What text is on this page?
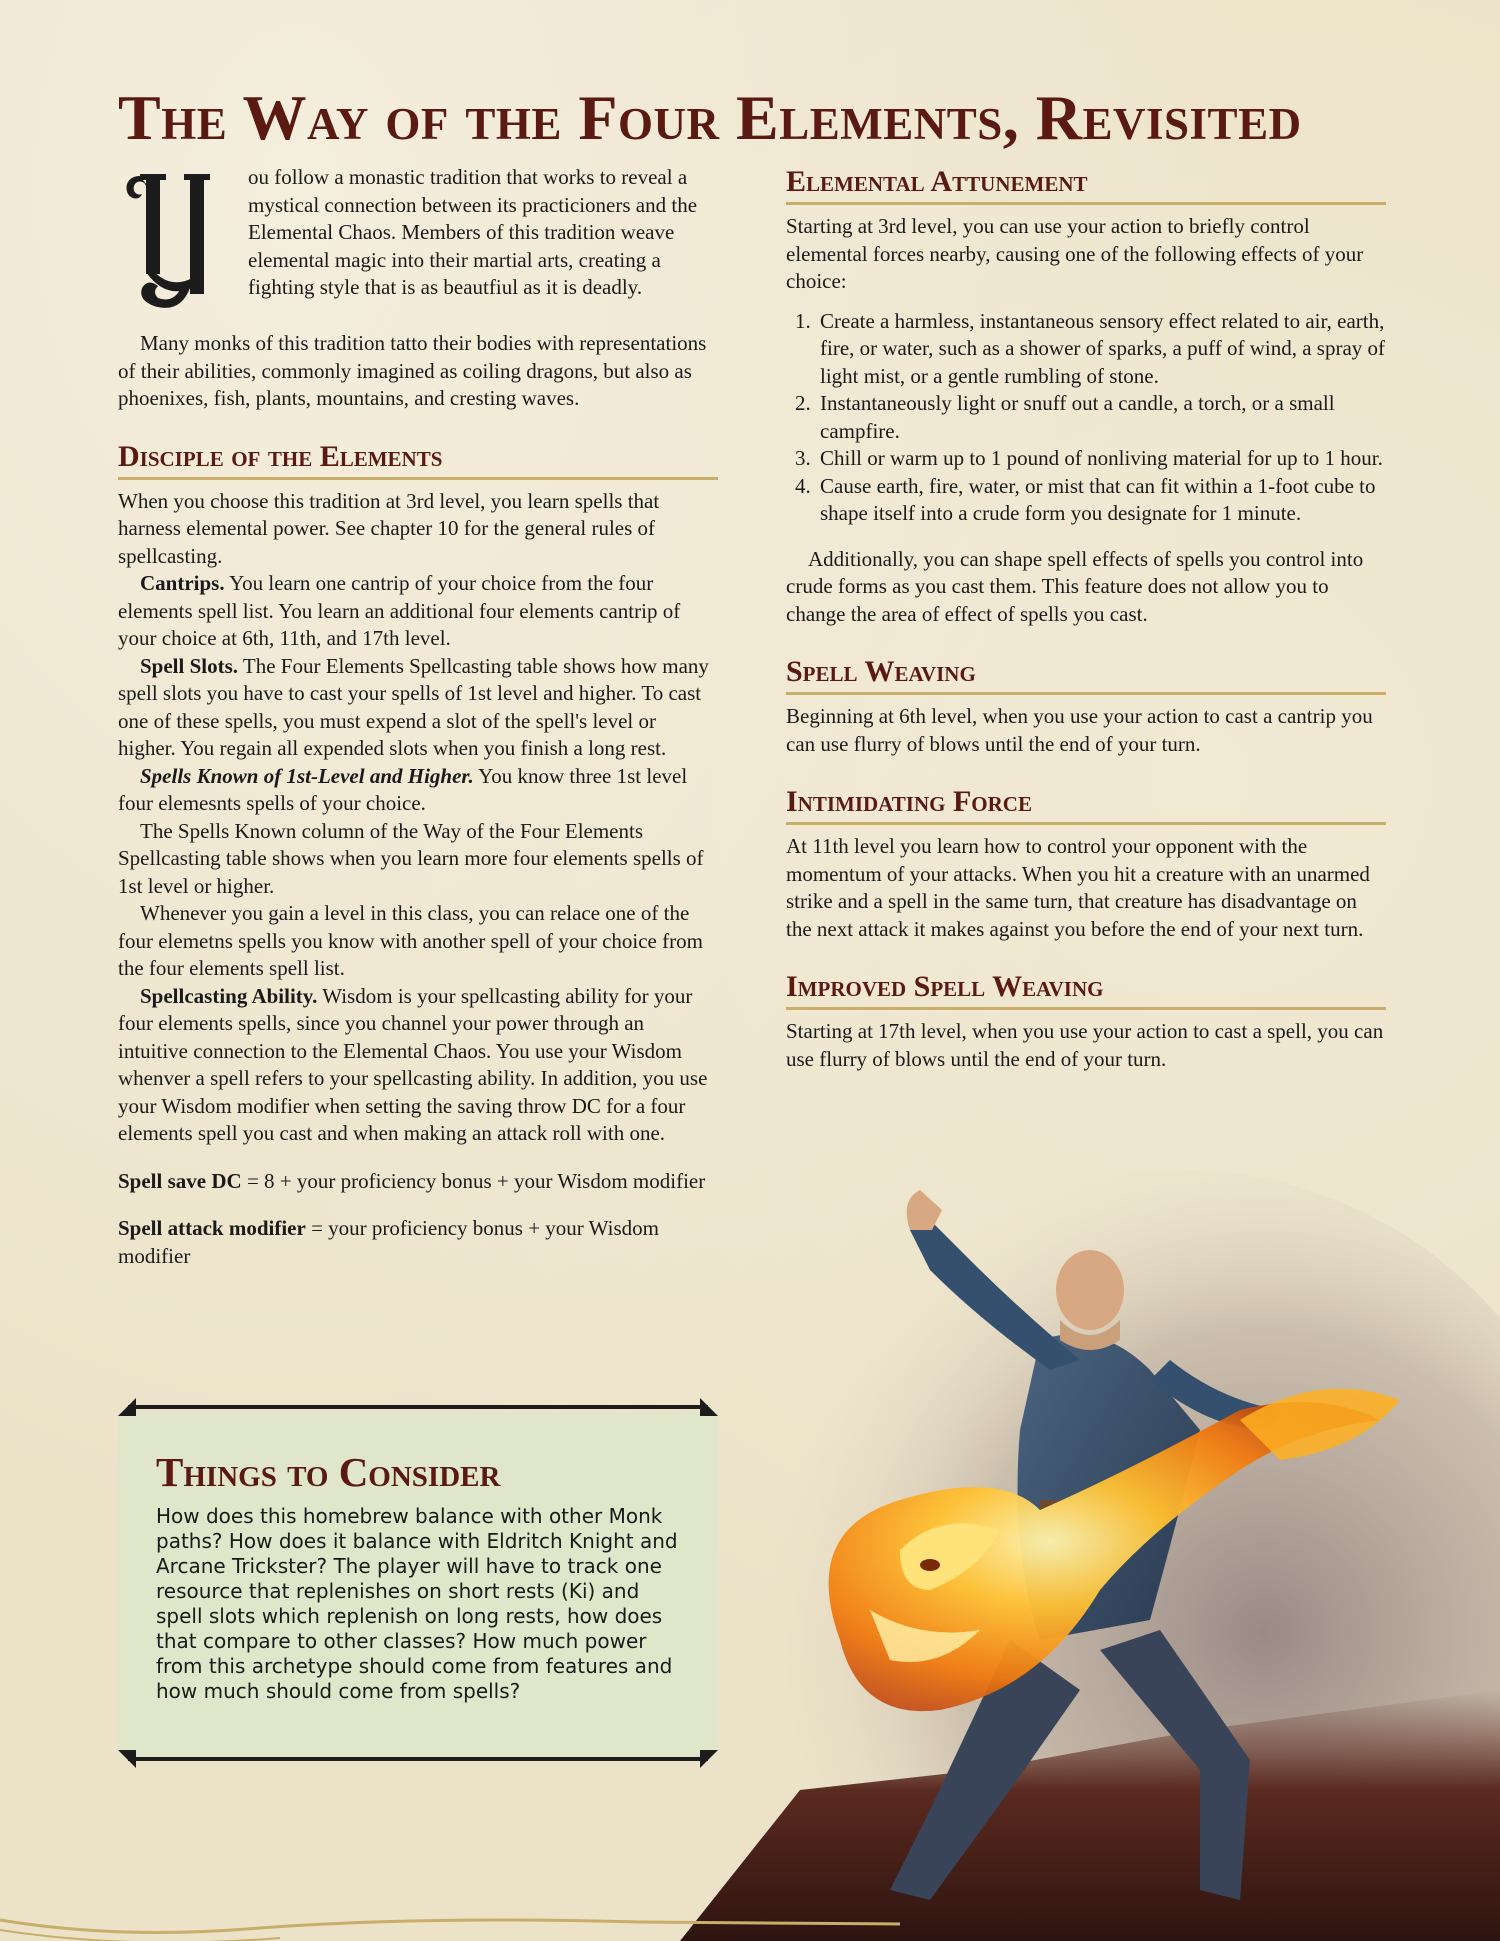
The Way of the Four Elements, Revisited
Y

ou follow a monastic tradition that works to reveal a mystical connection between its practicioners and the Elemental Chaos. Members of this tradition weave elemental magic into their martial arts, creating a fighting style that is as beautfiul as it is deadly.

Many monks of this tradition tatto their bodies with representations of their abilities, commonly imagined as coiling dragons, but also as phoenixes, fish, plants, mountains, and cresting waves.

Disciple of the Elements

When you choose this tradition at 3rd level, you learn spells that harness elemental power. See chapter 10 for the general rules of spellcasting.

Cantrips. You learn one cantrip of your choice from the four elements spell list. You learn an additional four elements cantrip of your choice at 6th, 11th, and 17th level.

Spell Slots. The Four Elements Spellcasting table shows how many spell slots you have to cast your spells of 1st level and higher. To cast one of these spells, you must expend a slot of the spell's level or higher. You regain all expended slots when you finish a long rest.

Spells Known of 1st-Level and Higher. You know three 1st level four elemesnts spells of your choice.

The Spells Known column of the Way of the Four Elements Spellcasting table shows when you learn more four elements spells of 1st level or higher.

Whenever you gain a level in this class, you can relace one of the four elemetns spells you know with another spell of your choice from the four elements spell list.

Spellcasting Ability. Wisdom is your spellcasting ability for your four elements spells, since you channel your power through an intuitive connection to the Elemental Chaos. You use your Wisdom whenver a spell refers to your spellcasting ability. In addition, you use your Wisdom modifier when setting the saving throw DC for a four elements spell you cast and when making an attack roll with one.

Spell save DC = 8 + your proficiency bonus + your Wisdom modifier

Spell attack modifier = your proficiency bonus + your Wisdom modifier

Things to Consider

How does this homebrew balance with other Monk paths? How does it balance with Eldritch Knight and Arcane Trickster? The player will have to track one resource that replenishes on short rests (Ki) and spell slots which replenish on long rests, how does that compare to other classes? How much power from this archetype should come from features and how much should come from spells?

Elemental Attunement

Starting at 3rd level, you can use your action to briefly control elemental forces nearby, causing one of the following effects of your choice:

1. Create a harmless, instantaneous sensory effect related to air, earth, fire, or water, such as a shower of sparks, a puff of wind, a spray of light mist, or a gentle rumbling of stone.
2. Instantaneously light or snuff out a candle, a torch, or a small campfire.
3. Chill or warm up to 1 pound of nonliving material for up to 1 hour.
4. Cause earth, fire, water, or mist that can fit within a 1-foot cube to shape itself into a crude form you designate for 1 minute.

Additionally, you can shape spell effects of spells you control into crude forms as you cast them. This feature does not allow you to change the area of effect of spells you cast.

Spell Weaving

Beginning at 6th level, when you use your action to cast a cantrip you can use flurry of blows until the end of your turn.

Intimidating Force

At 11th level you learn how to control your opponent with the momentum of your attacks. When you hit a creature with an unarmed strike and a spell in the same turn, that creature has disadvantage on the next attack it makes against you before the end of your next turn.

Improved Spell Weaving

Starting at 17th level, when you use your action to cast a spell, you can use flurry of blows until the end of your turn.
